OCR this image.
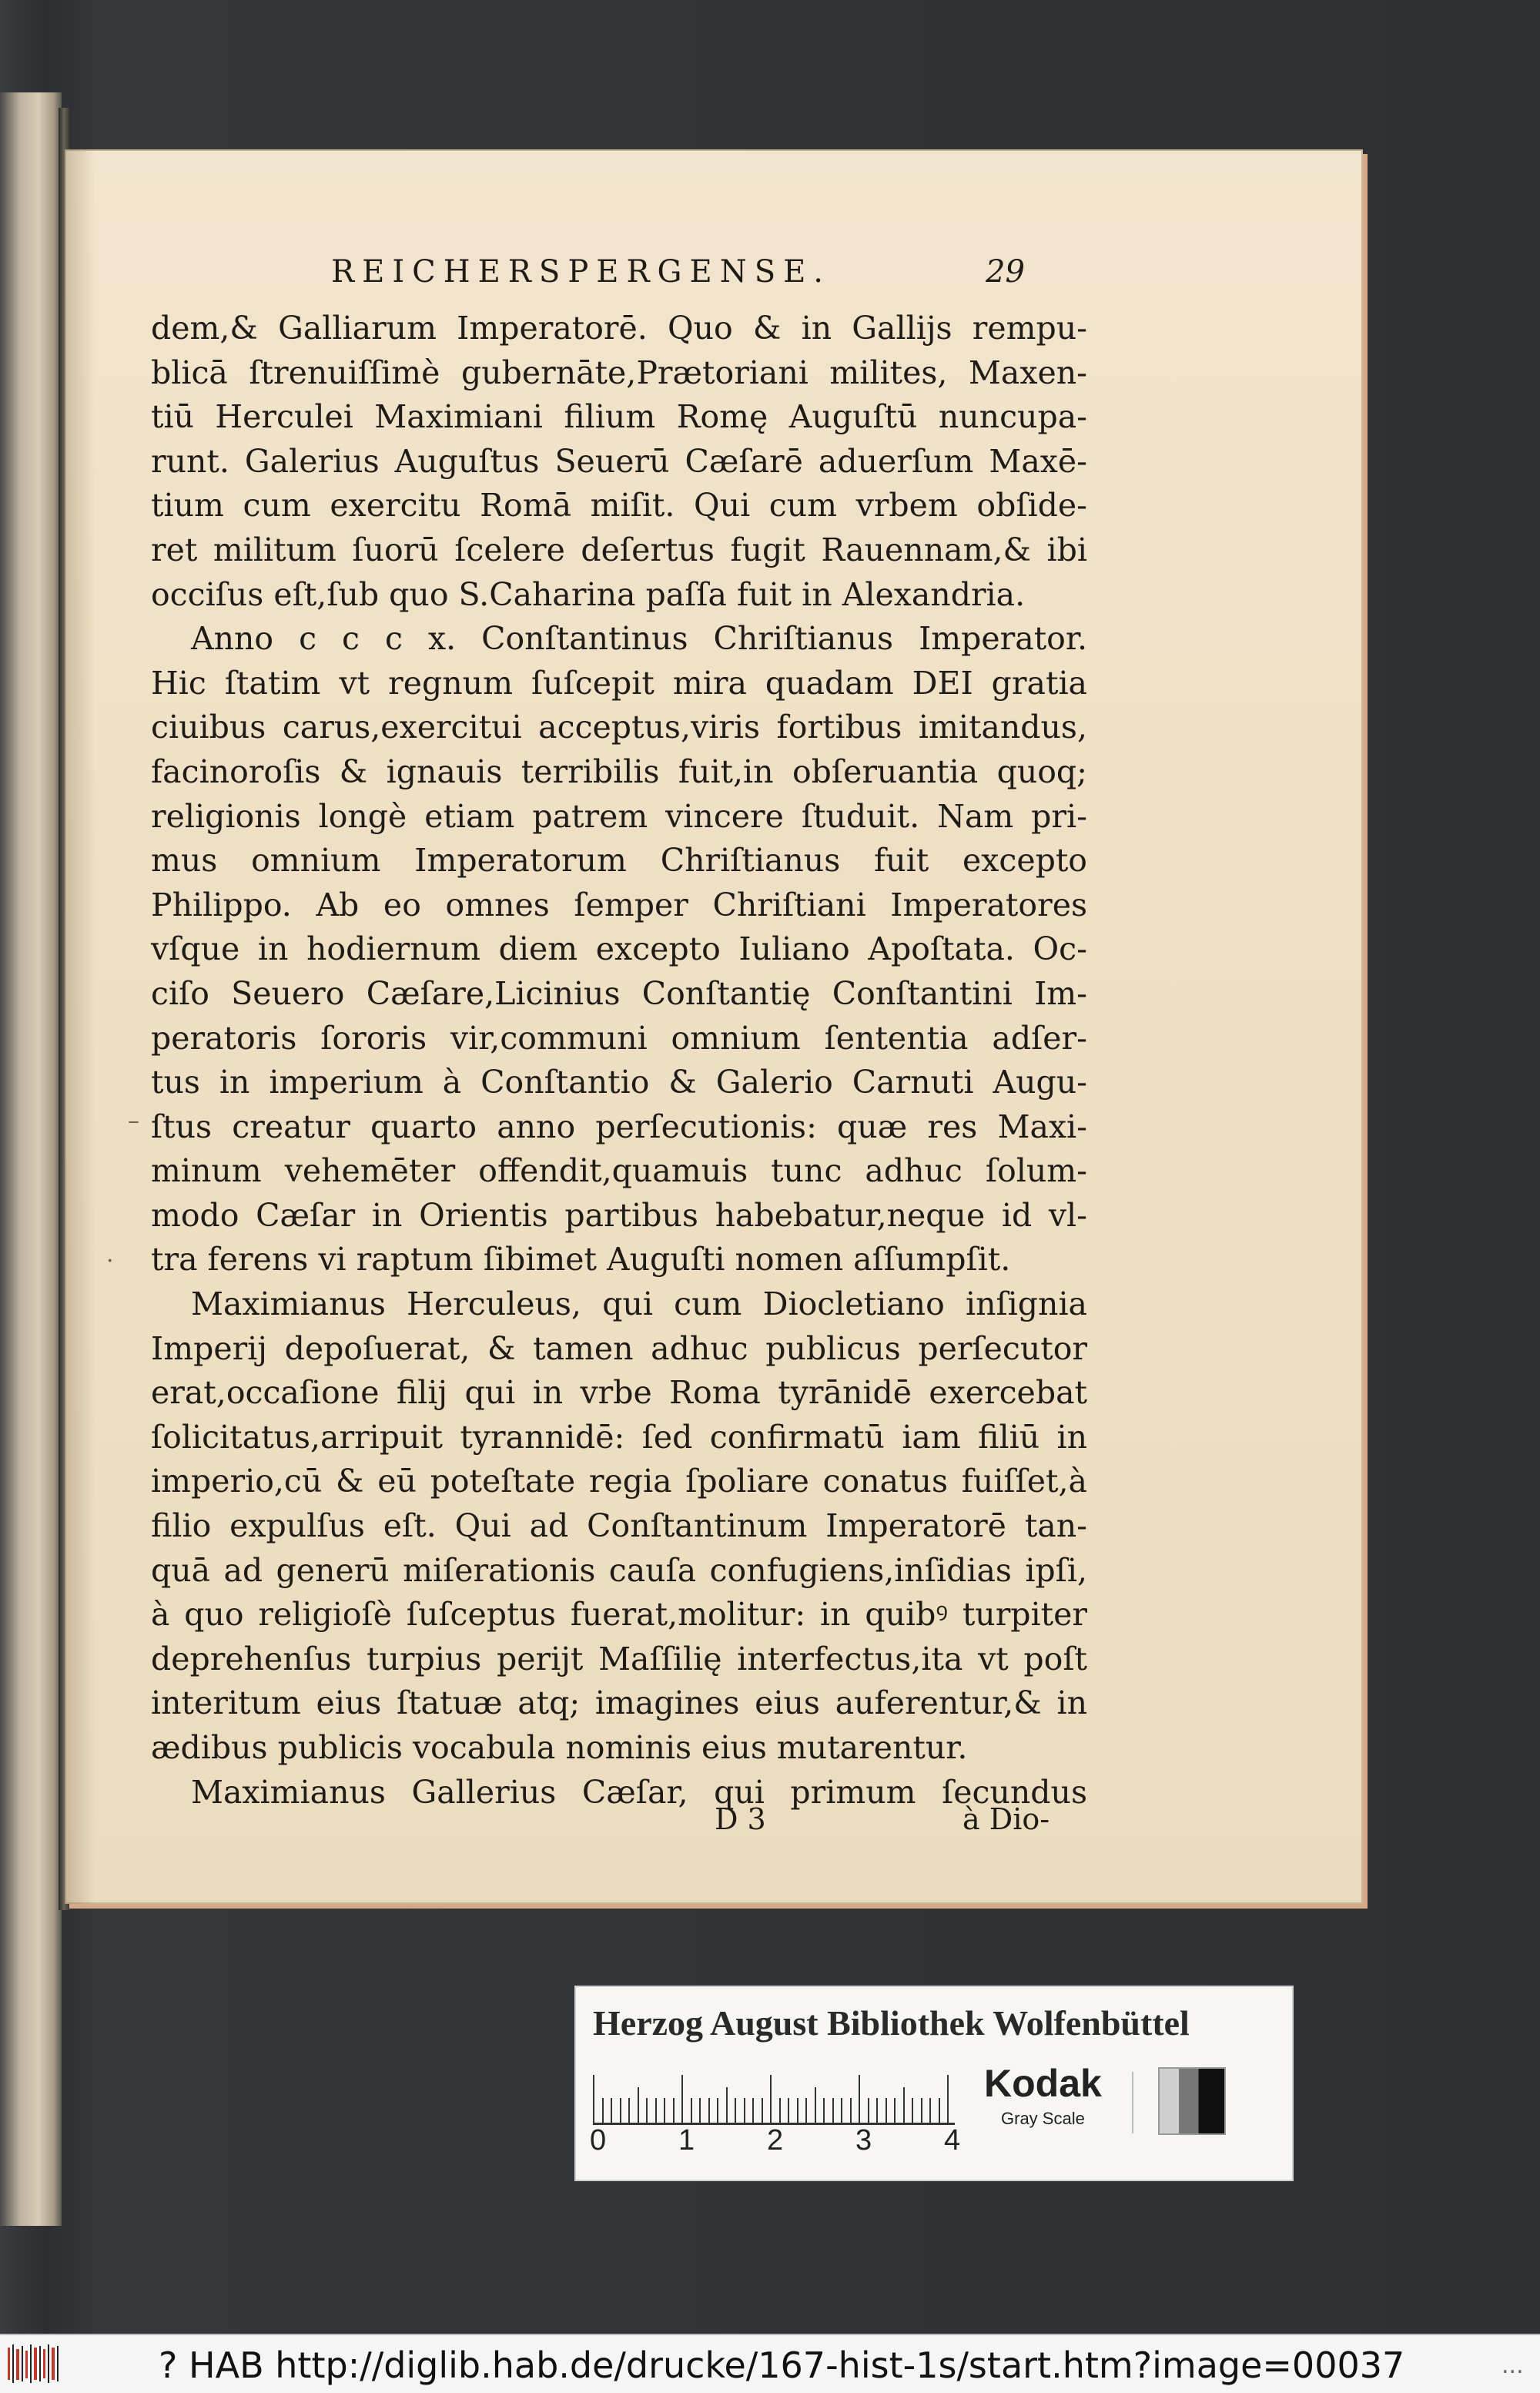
REICHERSPERGENSE.	29
dem,& Galliarum Imperatorē. Quo & in Gallijs rempu-
blicā ſtrenuiſſimè gubernāte,Prætoriani milites, Maxen-
tiū Herculei Maximiani filium Romę Auguſtū nuncupa-
runt. Galerius Auguſtus Seuerū Cæſarē aduerſum Maxē-
tium cum exercitu Romā miſit. Qui cum vrbem obſide-
ret militum ſuorū ſcelere deſertus fugit Rauennam,& ibi
occiſus eſt,ſub quo S.Caharina paſſa fuit in Alexandria.
Anno c c c x. Conſtantinus Chriſtianus Imperator.
Hic ſtatim vt regnum ſuſcepit mira quadam DEI gratia
ciuibus carus,exercitui acceptus,viris fortibus imitandus,
facinoroſis & ignauis terribilis fuit,in obſeruantia quoq;
religionis longè etiam patrem vincere ſtuduit. Nam pri-
mus omnium Imperatorum Chriſtianus fuit excepto
Philippo. Ab eo omnes ſemper Chriſtiani Imperatores
vſque in hodiernum diem excepto Iuliano Apoſtata. Oc-
ciſo Seuero Cæſare,Licinius Conſtantię Conſtantini Im-
peratoris ſororis vir,communi omnium ſententia adſer-
tus in imperium à Conſtantio & Galerio Carnuti Augu-
ſtus creatur quarto anno perſecutionis: quæ res Maxi-
minum vehemēter offendit,quamuis tunc adhuc ſolum-
modo Cæſar in Orientis partibus habebatur,neque id vl-
tra ferens vi raptum ſibimet Auguſti nomen aſſumpſit.
Maximianus Herculeus, qui cum Diocletiano inſignia
Imperij depoſuerat, & tamen adhuc publicus perſecutor
erat,occaſione filij qui in vrbe Roma tyrānidē exercebat
ſolicitatus,arripuit tyrannidē: ſed confirmatū iam filiū in
imperio,cū & eū poteſtate regia ſpoliare conatus fuiſſet,à
filio expulſus eſt. Qui ad Conſtantinum Imperatorē tan-
quā ad generū miſerationis cauſa confugiens,inſidias ipſi,
à quo religioſè ſuſceptus fuerat,molitur: in quibꝰ turpiter
deprehenſus turpius perijt Maſſilię interfectus,ita vt poſt
interitum eius ſtatuæ atq; imagines eius auferentur,& in
ædibus publicis vocabula nominis eius mutarentur.
Maximianus Gallerius Cæſar, qui primum ſecundus
–
·
D 3	à Dio-
Herzog August Bibliothek Wolfenbüttel
0 1 2 3 4
Kodak
Gray Scale
? HAB http://diglib.hab.de/drucke/167-hist-1s/start.htm?image=00037	...
